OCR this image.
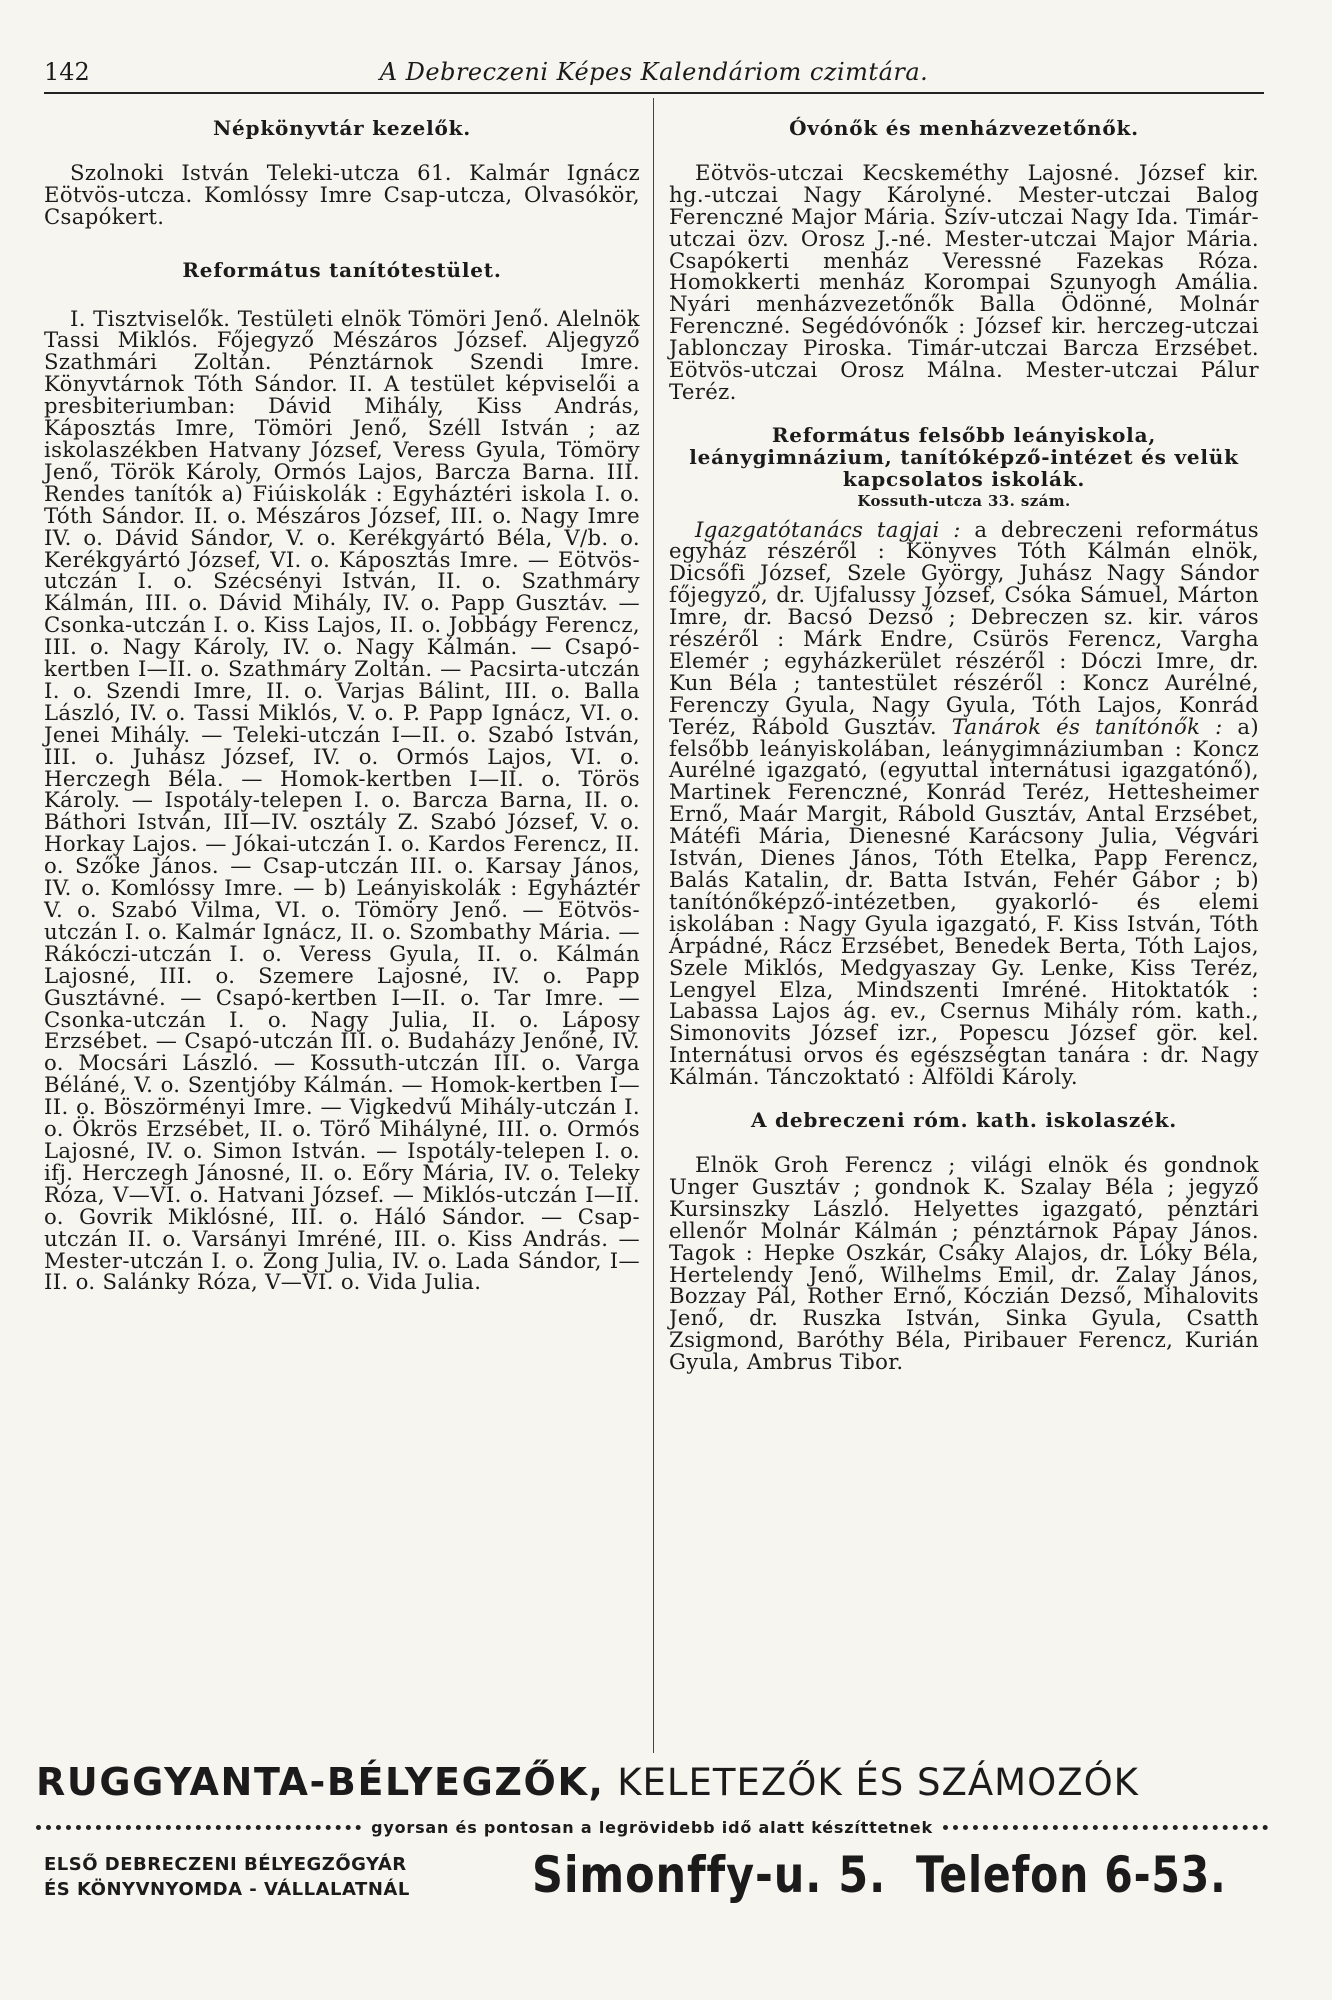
142	A Debreczeni Képes Kalendáriom czimtára.
Népkönyvtár kezelők.

Szolnoki István Teleki-utcza 61. Kalmár Ignácz Eötvös-utcza. Komlóssy Imre Csap-utcza, Olvasókör, Csapókert.

Református tanítótestület.

I. Tisztviselők. Testületi elnök Tömöri Jenő. Alelnök Tassi Miklós. Főjegyző Mészáros József. Aljegyző Szathmári Zoltán. Pénztárnok Szendi Imre. Könyvtárnok Tóth Sándor. II. A testület képviselői a presbiteriumban: Dávid Mihály, Kiss András, Káposztás Imre, Tömöri Jenő, Széll István ; az iskolaszékben Hatvany József, Veress Gyula, Tömöry Jenő, Török Károly, Ormós Lajos, Barcza Barna. III. Rendes tanítók a) Fiúiskolák : Egyháztéri iskola I. o. Tóth Sándor. II. o. Mészáros József, III. o. Nagy Imre IV. o. Dávid Sándor, V. o. Kerékgyártó Béla, V/b. o. Kerékgyártó József, VI. o. Káposztás Imre. — Eötvös-utczán I. o. Szécsényi István, II. o. Szathmáry Kálmán, III. o. Dávid Mihály, IV. o. Papp Gusztáv. — Csonka-utczán I. o. Kiss Lajos, II. o. Jobbágy Ferencz, III. o. Nagy Károly, IV. o. Nagy Kálmán. — Csapó-kertben I—II. o. Szathmáry Zoltán. — Pacsirta-utczán I. o. Szendi Imre, II. o. Varjas Bálint, III. o. Balla László, IV. o. Tassi Miklós, V. o. P. Papp Ignácz, VI. o. Jenei Mihály. — Teleki-utczán I—II. o. Szabó István, III. o. Juhász József, IV. o. Ormós Lajos, VI. o. Herczegh Béla. — Homok-kertben I—II. o. Törös Károly. — Ispotály-telepen I. o. Barcza Barna, II. o. Báthori István, III—IV. osztály Z. Szabó József, V. o. Horkay Lajos. — Jókai-utczán I. o. Kardos Ferencz, II. o. Szőke János. — Csap-utczán III. o. Karsay János, IV. o. Komlóssy Imre. — b) Leányiskolák : Egyháztér V. o. Szabó Vilma, VI. o. Tömöry Jenő. — Eötvös-utczán I. o. Kalmár Ignácz, II. o. Szombathy Mária. — Rákóczi-utczán I. o. Veress Gyula, II. o. Kálmán Lajosné, III. o. Szemere Lajosné, IV. o. Papp Gusztávné. — Csapó-kertben I—II. o. Tar Imre. — Csonka-utczán I. o. Nagy Julia, II. o. Láposy Erzsébet. — Csapó-utczán III. o. Budaházy Jenőné, IV. o. Mocsári László. — Kossuth-utczán III. o. Varga Béláné, V. o. Szentjóby Kálmán. — Homok-kertben I—II. o. Böszörményi Imre. — Vigkedvű Mihály-utczán I. o. Ökrös Erzsébet, II. o. Törő Mihályné, III. o. Ormós Lajosné, IV. o. Simon István. — Ispotály-telepen I. o. ifj. Herczegh Jánosné, II. o. Eőry Mária, IV. o. Teleky Róza, V—VI. o. Hatvani József. — Miklós-utczán I—II. o. Govrik Miklósné, III. o. Háló Sándor. — Csap-utczán II. o. Varsányi Imréné, III. o. Kiss András. — Mester-utczán I. o. Zong Julia, IV. o. Lada Sándor, I—II. o. Salánky Róza, V—VI. o. Vida Julia.

Óvónők és menházvezetőnők.

Eötvös-utczai Kecskeméthy Lajosné. József kir. hg.-utczai Nagy Károlyné. Mester-utczai Balog Ferenczné Major Mária. Szív-utczai Nagy Ida. Timár-utczai özv. Orosz J.-né. Mester-utczai Major Mária. Csapókerti menház Veressné Fazekas Róza. Homokkerti menház Korompai Szunyogh Amália. Nyári menházvezetőnők Balla Ödönné, Molnár Ferenczné. Segédóvónők : József kir. herczeg-utczai Jablonczay Piroska. Timár-utczai Barcza Erzsébet. Eötvös-utczai Orosz Málna. Mester-utczai Pálur Teréz.

Református felsőbb leányiskola, leánygimnázium, tanítóképző-intézet és velük kapcsolatos iskolák.
Kossuth-utcza 33. szám.

Igazgatótanács tagjai : a debreczeni református egyház részéről : Könyves Tóth Kálmán elnök, Dicsőfi József, Szele György, Juhász Nagy Sándor főjegyző, dr. Ujfalussy József, Csóka Sámuel, Márton Imre, dr. Bacsó Dezső ; Debreczen sz. kir. város részéről : Márk Endre, Csürös Ferencz, Vargha Elemér ; egyházkerület részéről : Dóczi Imre, dr. Kun Béla ; tantestület részéről : Koncz Aurélné, Ferenczy Gyula, Nagy Gyula, Tóth Lajos, Konrád Teréz, Rábold Gusztáv. Tanárok és tanítónők : a) felsőbb leányiskolában, leánygimnáziumban : Koncz Aurélné igazgató, (egyuttal internátusi igazgatónő), Martinek Ferenczné, Konrád Teréz, Hettesheimer Ernő, Maár Margit, Rábold Gusztáv, Antal Erzsébet, Mátéfi Mária, Dienesné Karácsony Julia, Végvári István, Dienes János, Tóth Etelka, Papp Ferencz, Balás Katalin, dr. Batta István, Fehér Gábor ; b) tanítónőképző-intézetben, gyakorló- és elemi iskolában : Nagy Gyula igazgató, F. Kiss István, Tóth Árpádné, Rácz Erzsébet, Benedek Berta, Tóth Lajos, Szele Miklós, Medgyaszay Gy. Lenke, Kiss Teréz, Lengyel Elza, Mindszenti Imréné. Hitoktatók : Labassa Lajos ág. ev., Csernus Mihály róm. kath., Simonovits József izr., Popescu József gör. kel. Internátusi orvos és egészségtan tanára : dr. Nagy Kálmán. Tánczoktató : Alföldi Károly.

A debreczeni róm. kath. iskolaszék.

Elnök Groh Ferencz ; világi elnök és gondnok Unger Gusztáv ; gondnok K. Szalay Béla ; jegyző Kursinszky László. Helyettes igazgató, pénztári ellenőr Molnár Kálmán ; pénztárnok Pápay János. Tagok : Hepke Oszkár, Csáky Alajos, dr. Lóky Béla, Hertelendy Jenő, Wilhelms Emil, dr. Zalay János, Bozzay Pál, Rother Ernő, Kóczián Dezső, Mihalovits Jenő, dr. Ruszka István, Sinka Gyula, Csatth Zsigmond, Baróthy Béla, Piribauer Ferencz, Kurián Gyula, Ambrus Tibor.

RUGGYANTA-BÉLYEGZŐK, KELETEZŐK ÉS SZÁMOZÓK
gyorsan és pontosan a legrövidebb idő alatt készíttetnek
ELSŐ DEBRECZENI BÉLYEGZŐGYÁR
ÉS KÖNYVNYOMDA - VÁLLALATNÁL Simonffy-u. 5. Telefon 6-53.
